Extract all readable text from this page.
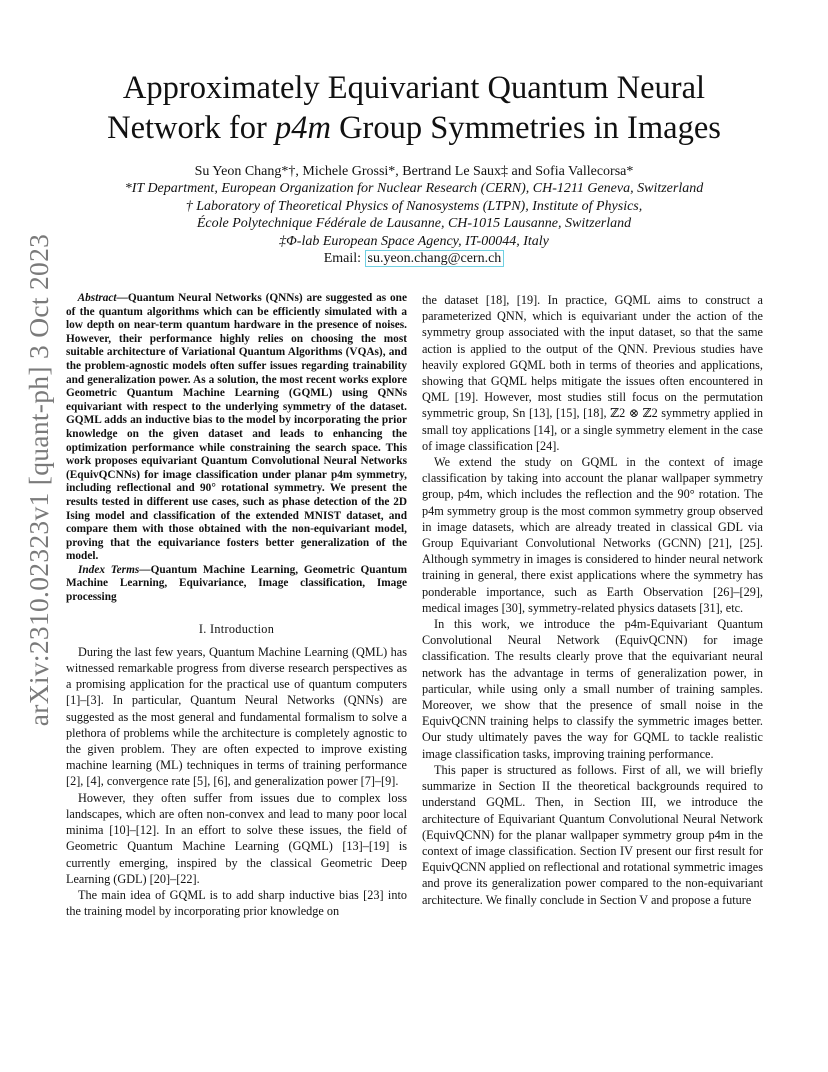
arXiv:2310.02323v1 [quant-ph] 3 Oct 2023
Approximately Equivariant Quantum Neural
Network for p4m Group Symmetries in Images
Su Yeon Chang*†, Michele Grossi*, Bertrand Le Saux‡ and Sofia Vallecorsa*
*IT Department, European Organization for Nuclear Research (CERN), CH-1211 Geneva, Switzerland
† Laboratory of Theoretical Physics of Nanosystems (LTPN), Institute of Physics,
École Polytechnique Fédérale de Lausanne, CH-1015 Lausanne, Switzerland
‡Φ-lab European Space Agency, IT-00044, Italy
Email: su.yeon.chang@cern.ch
Abstract—Quantum Neural Networks (QNNs) are suggested as one of the quantum algorithms which can be efficiently simulated with a low depth on near-term quantum hardware in the presence of noises. However, their performance highly relies on choosing the most suitable architecture of Variational Quantum Algorithms (VQAs), and the problem-agnostic models often suffer issues regarding trainability and generalization power. As a solution, the most recent works explore Geometric Quantum Machine Learning (GQML) using QNNs equivariant with respect to the underlying symmetry of the dataset. GQML adds an inductive bias to the model by incorporating the prior knowledge on the given dataset and leads to enhancing the optimization performance while constraining the search space. This work proposes equivariant Quantum Convolutional Neural Networks (EquivQCNNs) for image classification under planar p4m symmetry, including reflectional and 90° rotational symmetry. We present the results tested in different use cases, such as phase detection of the 2D Ising model and classification of the extended MNIST dataset, and compare them with those obtained with the non-equivariant model, proving that the equivariance fosters better generalization of the model.
Index Terms—Quantum Machine Learning, Geometric Quantum Machine Learning, Equivariance, Image classification, Image processing
I. Introduction

During the last few years, Quantum Machine Learning (QML) has witnessed remarkable progress from diverse research perspectives as a promising application for the practical use of quantum computers [1]–[3]. In particular, Quantum Neural Networks (QNNs) are suggested as the most general and fundamental formalism to solve a plethora of problems while the architecture is completely agnostic to the given problem. They are often expected to improve existing machine learning (ML) techniques in terms of training performance [2], [4], convergence rate [5], [6], and generalization power [7]–[9].

However, they often suffer from issues due to complex loss landscapes, which are often non-convex and lead to many poor local minima [10]–[12]. In an effort to solve these issues, the field of Geometric Quantum Machine Learning (GQML) [13]–[19] is currently emerging, inspired by the classical Geometric Deep Learning (GDL) [20]–[22].

The main idea of GQML is to add sharp inductive bias [23] into the training model by incorporating prior knowledge on

the dataset [18], [19]. In practice, GQML aims to construct a parameterized QNN, which is equivariant under the action of the symmetry group associated with the input dataset, so that the same action is applied to the output of the QNN. Previous studies have heavily explored GQML both in terms of theories and applications, showing that GQML helps mitigate the issues often encountered in QML [19]. However, most studies still focus on the permutation symmetric group, Sn [13], [15], [18], ℤ2 ⊗ ℤ2 symmetry applied in small toy applications [14], or a single symmetry element in the case of image classification [24].

We extend the study on GQML in the context of image classification by taking into account the planar wallpaper symmetry group, p4m, which includes the reflection and the 90° rotation. The p4m symmetry group is the most common symmetry group observed in image datasets, which are already treated in classical GDL via Group Equivariant Convolutional Networks (GCNN) [21], [25]. Although symmetry in images is considered to hinder neural network training in general, there exist applications where the symmetry has ponderable importance, such as Earth Observation [26]–[29], medical images [30], symmetry-related physics datasets [31], etc.

In this work, we introduce the p4m-Equivariant Quantum Convolutional Neural Network (EquivQCNN) for image classification. The results clearly prove that the equivariant neural network has the advantage in terms of generalization power, in particular, while using only a small number of training samples. Moreover, we show that the presence of small noise in the EquivQCNN training helps to classify the symmetric images better. Our study ultimately paves the way for GQML to tackle realistic image classification tasks, improving training performance.

This paper is structured as follows. First of all, we will briefly summarize in Section II the theoretical backgrounds required to understand GQML. Then, in Section III, we introduce the architecture of Equivariant Quantum Convolutional Neural Network (EquivQCNN) for the planar wallpaper symmetry group p4m in the context of image classification. Section IV present our first result for EquivQCNN applied on reflectional and rotational symmetric images and prove its generalization power compared to the non-equivariant architecture. We finally conclude in Section V and propose a future
